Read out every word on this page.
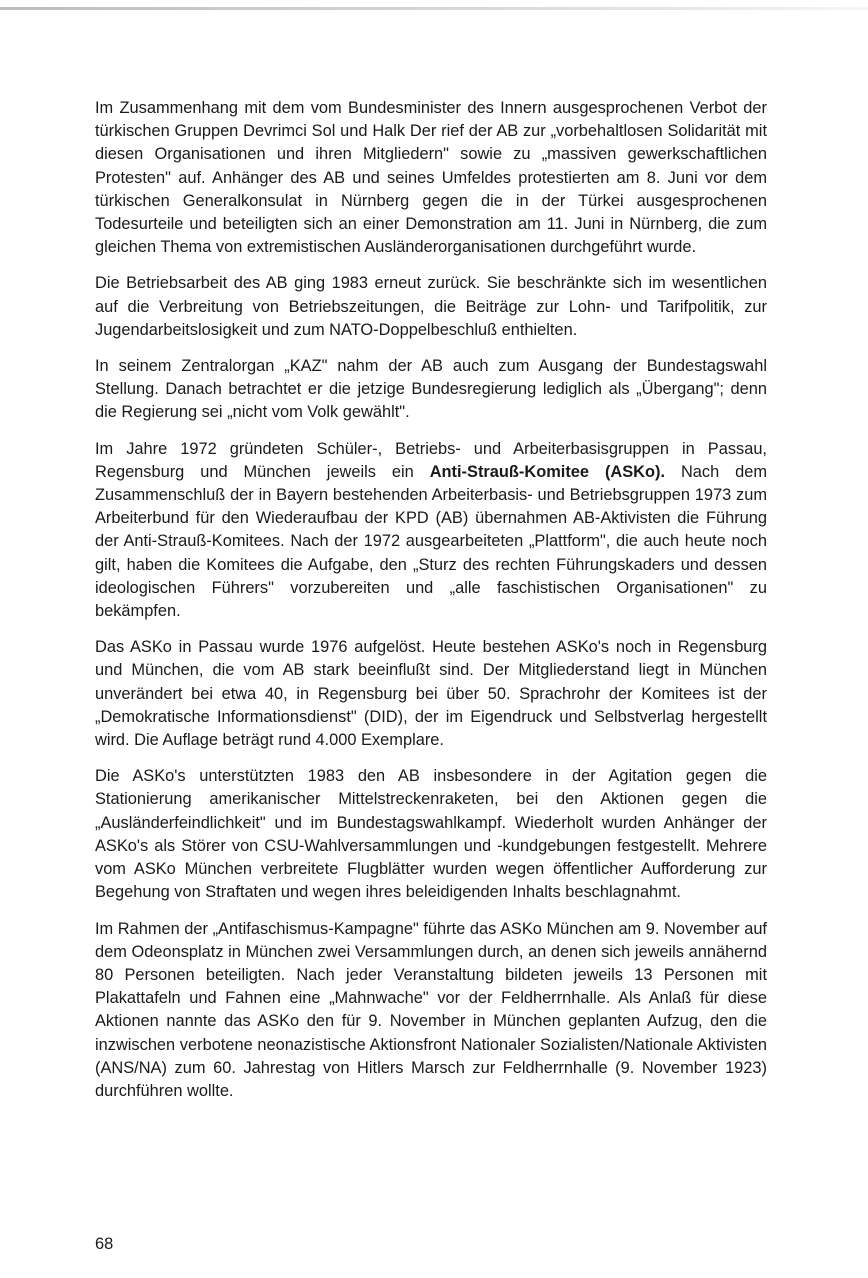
Im Zusammenhang mit dem vom Bundesminister des Innern ausgesprochenen Verbot der türkischen Gruppen Devrimci Sol und Halk Der rief der AB zur „vorbehaltlosen Solidarität mit diesen Organisationen und ihren Mitgliedern" sowie zu „massiven gewerkschaftlichen Protesten" auf. Anhänger des AB und seines Umfeldes protestierten am 8. Juni vor dem türkischen Generalkonsulat in Nürnberg gegen die in der Türkei ausgesprochenen Todesurteile und beteiligten sich an einer Demonstration am 11. Juni in Nürnberg, die zum gleichen Thema von extremistischen Ausländerorganisationen durchgeführt wurde.

Die Betriebsarbeit des AB ging 1983 erneut zurück. Sie beschränkte sich im wesentlichen auf die Verbreitung von Betriebszeitungen, die Beiträge zur Lohn- und Tarifpolitik, zur Jugendarbeitslosigkeit und zum NATO-Doppelbeschluß enthielten.

In seinem Zentralorgan „KAZ" nahm der AB auch zum Ausgang der Bundestagswahl Stellung. Danach betrachtet er die jetzige Bundesregierung lediglich als „Übergang"; denn die Regierung sei „nicht vom Volk gewählt".

Im Jahre 1972 gründeten Schüler-, Betriebs- und Arbeiterbasisgruppen in Passau, Regensburg und München jeweils ein Anti-Strauß-Komitee (ASKo). Nach dem Zusammenschluß der in Bayern bestehenden Arbeiterbasis- und Betriebsgruppen 1973 zum Arbeiterbund für den Wiederaufbau der KPD (AB) übernahmen AB-Aktivisten die Führung der Anti-Strauß-Komitees. Nach der 1972 ausgearbeiteten „Plattform", die auch heute noch gilt, haben die Komitees die Aufgabe, den „Sturz des rechten Führungskaders und dessen ideologischen Führers" vorzubereiten und „alle faschistischen Organisationen" zu bekämpfen.

Das ASKo in Passau wurde 1976 aufgelöst. Heute bestehen ASKo's noch in Regensburg und München, die vom AB stark beeinflußt sind. Der Mitgliederstand liegt in München unverändert bei etwa 40, in Regensburg bei über 50. Sprachrohr der Komitees ist der „Demokratische Informationsdienst" (DID), der im Eigendruck und Selbstverlag hergestellt wird. Die Auflage beträgt rund 4.000 Exemplare.

Die ASKo's unterstützten 1983 den AB insbesondere in der Agitation gegen die Stationierung amerikanischer Mittelstreckenraketen, bei den Aktionen gegen die „Ausländerfeindlichkeit" und im Bundestagswahlkampf. Wiederholt wurden Anhänger der ASKo's als Störer von CSU-Wahlversammlungen und -kundgebungen festgestellt. Mehrere vom ASKo München verbreitete Flugblätter wurden wegen öffentlicher Aufforderung zur Begehung von Straftaten und wegen ihres beleidigenden Inhalts beschlagnahmt.

Im Rahmen der „Antifaschismus-Kampagne" führte das ASKo München am 9. November auf dem Odeonsplatz in München zwei Versammlungen durch, an denen sich jeweils annähernd 80 Personen beteiligten. Nach jeder Veranstaltung bildeten jeweils 13 Personen mit Plakattafeln und Fahnen eine „Mahnwache" vor der Feldherrnhalle. Als Anlaß für diese Aktionen nannte das ASKo den für 9. November in München geplanten Aufzug, den die inzwischen verbotene neonazistische Aktionsfront Nationaler Sozialisten/Nationale Aktivisten (ANS/NA) zum 60. Jahrestag von Hitlers Marsch zur Feldherrnhalle (9. November 1923) durchführen wollte.

68
